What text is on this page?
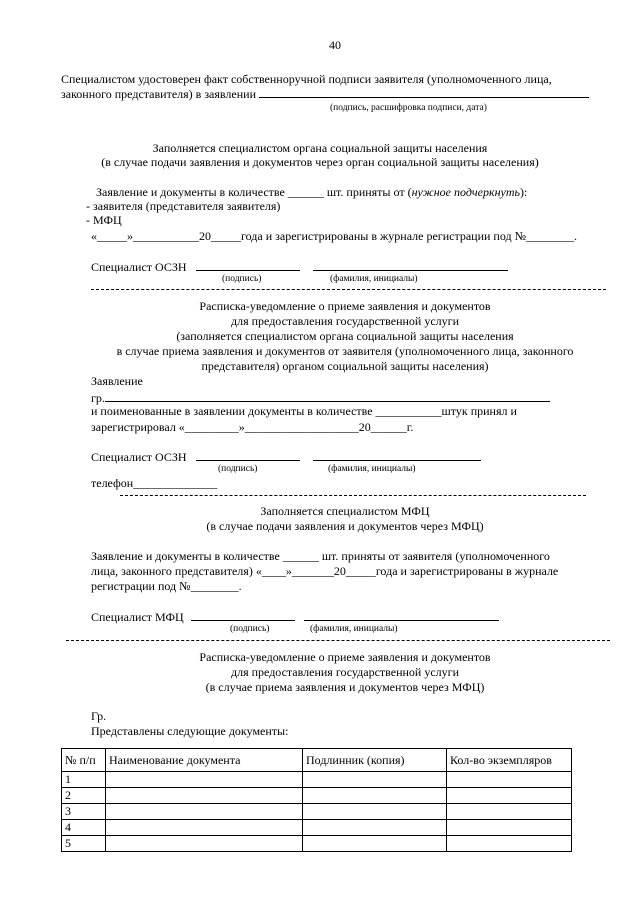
40
Специалистом удостоверен факт собственноручной подписи заявителя (уполномоченного лица,
законного представителя) в заявлении
(подпись, расшифровка подписи, дата)
Заполняется специалистом органа социальной защиты населения
(в случае подачи заявления и документов через орган социальной защиты населения)
Заявление и документы в количестве ______ шт. приняты от (нужное подчеркнуть):
- заявителя (представителя заявителя)
- МФЦ
«_____»___________20_____года и зарегистрированы в журнале регистрации под №________.
Специалист ОСЗН
(подпись)	(фамилия, инициалы)
Расписка-уведомление о приеме заявления и документов
для предоставления государственной услуги
(заполняется специалистом органа социальной защиты населения
в случае приема заявления и документов от заявителя (уполномоченного лица, законного
представителя) органом социальной защиты населения)
Заявление
гр.
и поименованные в заявлении документы в количестве ___________штук принял и
зарегистрировал «_________»___________________20______г.
Специалист ОСЗН
(подпись)	(фамилия, инициалы)
телефон______________
Заполняется специалистом МФЦ
(в случае подачи заявления и документов через МФЦ)
Заявление и документы в количестве ______ шт. приняты от заявителя (уполномоченного
лица, законного представителя) «____»_______20_____года и зарегистрированы в журнале
регистрации под №________.
Специалист МФЦ
(подпись)	(фамилия, инициалы)
Расписка-уведомление о приеме заявления и документов
для предоставления государственной услуги
(в случае приема заявления и документов через МФЦ)
Гр.
Представлены следующие документы:
№ п/п	Наименование документа	Подлинник (копия)	Кол-во экземпляров
1			
2			
3			
4			
5			
